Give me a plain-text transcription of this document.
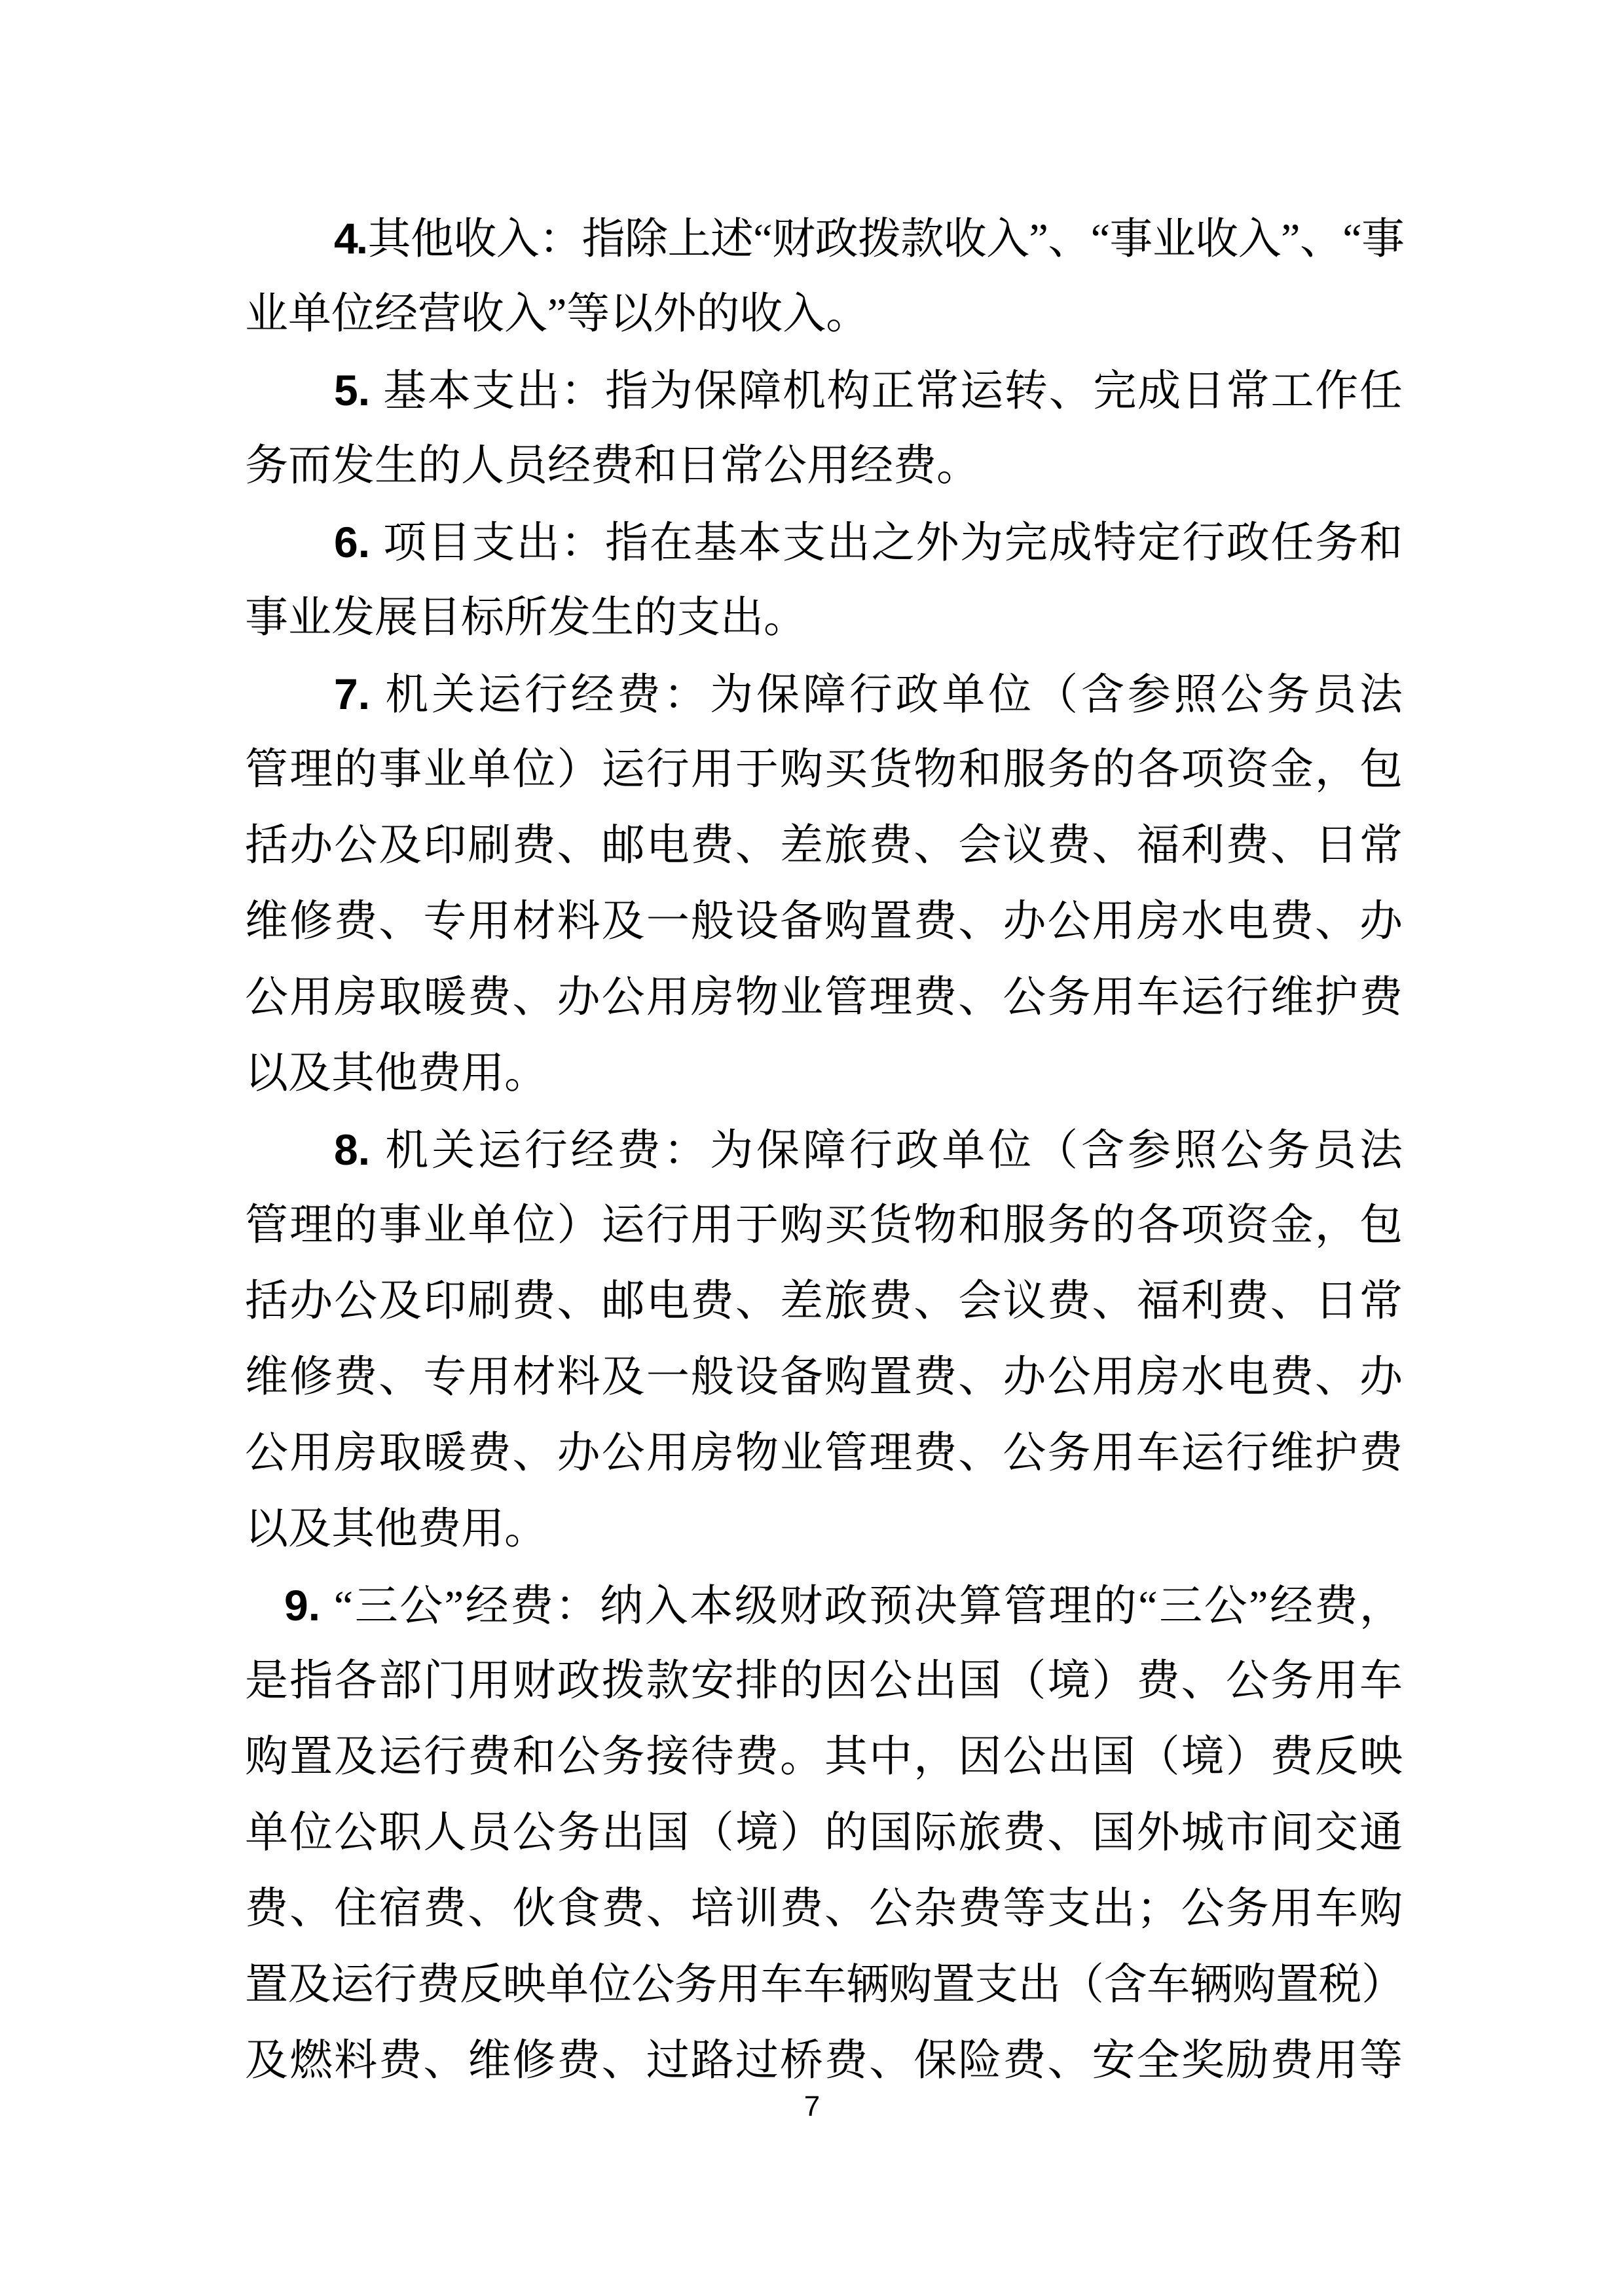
4.其他收入：指除上述“财政拨款收入”、“事业收入”、“事
业单位经营收入”等以外的收入。
5. 基本支出：指为保障机构正常运转、完成日常工作任
务而发生的人员经费和日常公用经费。
6. 项目支出：指在基本支出之外为完成特定行政任务和
事业发展目标所发生的支出。
7. 机关运行经费：为保障行政单位（含参照公务员法
管理的事业单位）运行用于购买货物和服务的各项资金，包
括办公及印刷费、邮电费、差旅费、会议费、福利费、日常
维修费、专用材料及一般设备购置费、办公用房水电费、办
公用房取暖费、办公用房物业管理费、公务用车运行维护费
以及其他费用。
8. 机关运行经费：为保障行政单位（含参照公务员法
管理的事业单位）运行用于购买货物和服务的各项资金，包
括办公及印刷费、邮电费、差旅费、会议费、福利费、日常
维修费、专用材料及一般设备购置费、办公用房水电费、办
公用房取暖费、办公用房物业管理费、公务用车运行维护费
以及其他费用。
9. “三公”经费：纳入本级财政预决算管理的“三公”经费，
是指各部门用财政拨款安排的因公出国（境）费、公务用车
购置及运行费和公务接待费。其中，因公出国（境）费反映
单位公职人员公务出国（境）的国际旅费、国外城市间交通
费、住宿费、伙食费、培训费、公杂费等支出；公务用车购
置及运行费反映单位公务用车车辆购置支出（含车辆购置税）
及燃料费、维修费、过路过桥费、保险费、安全奖励费用等
7
